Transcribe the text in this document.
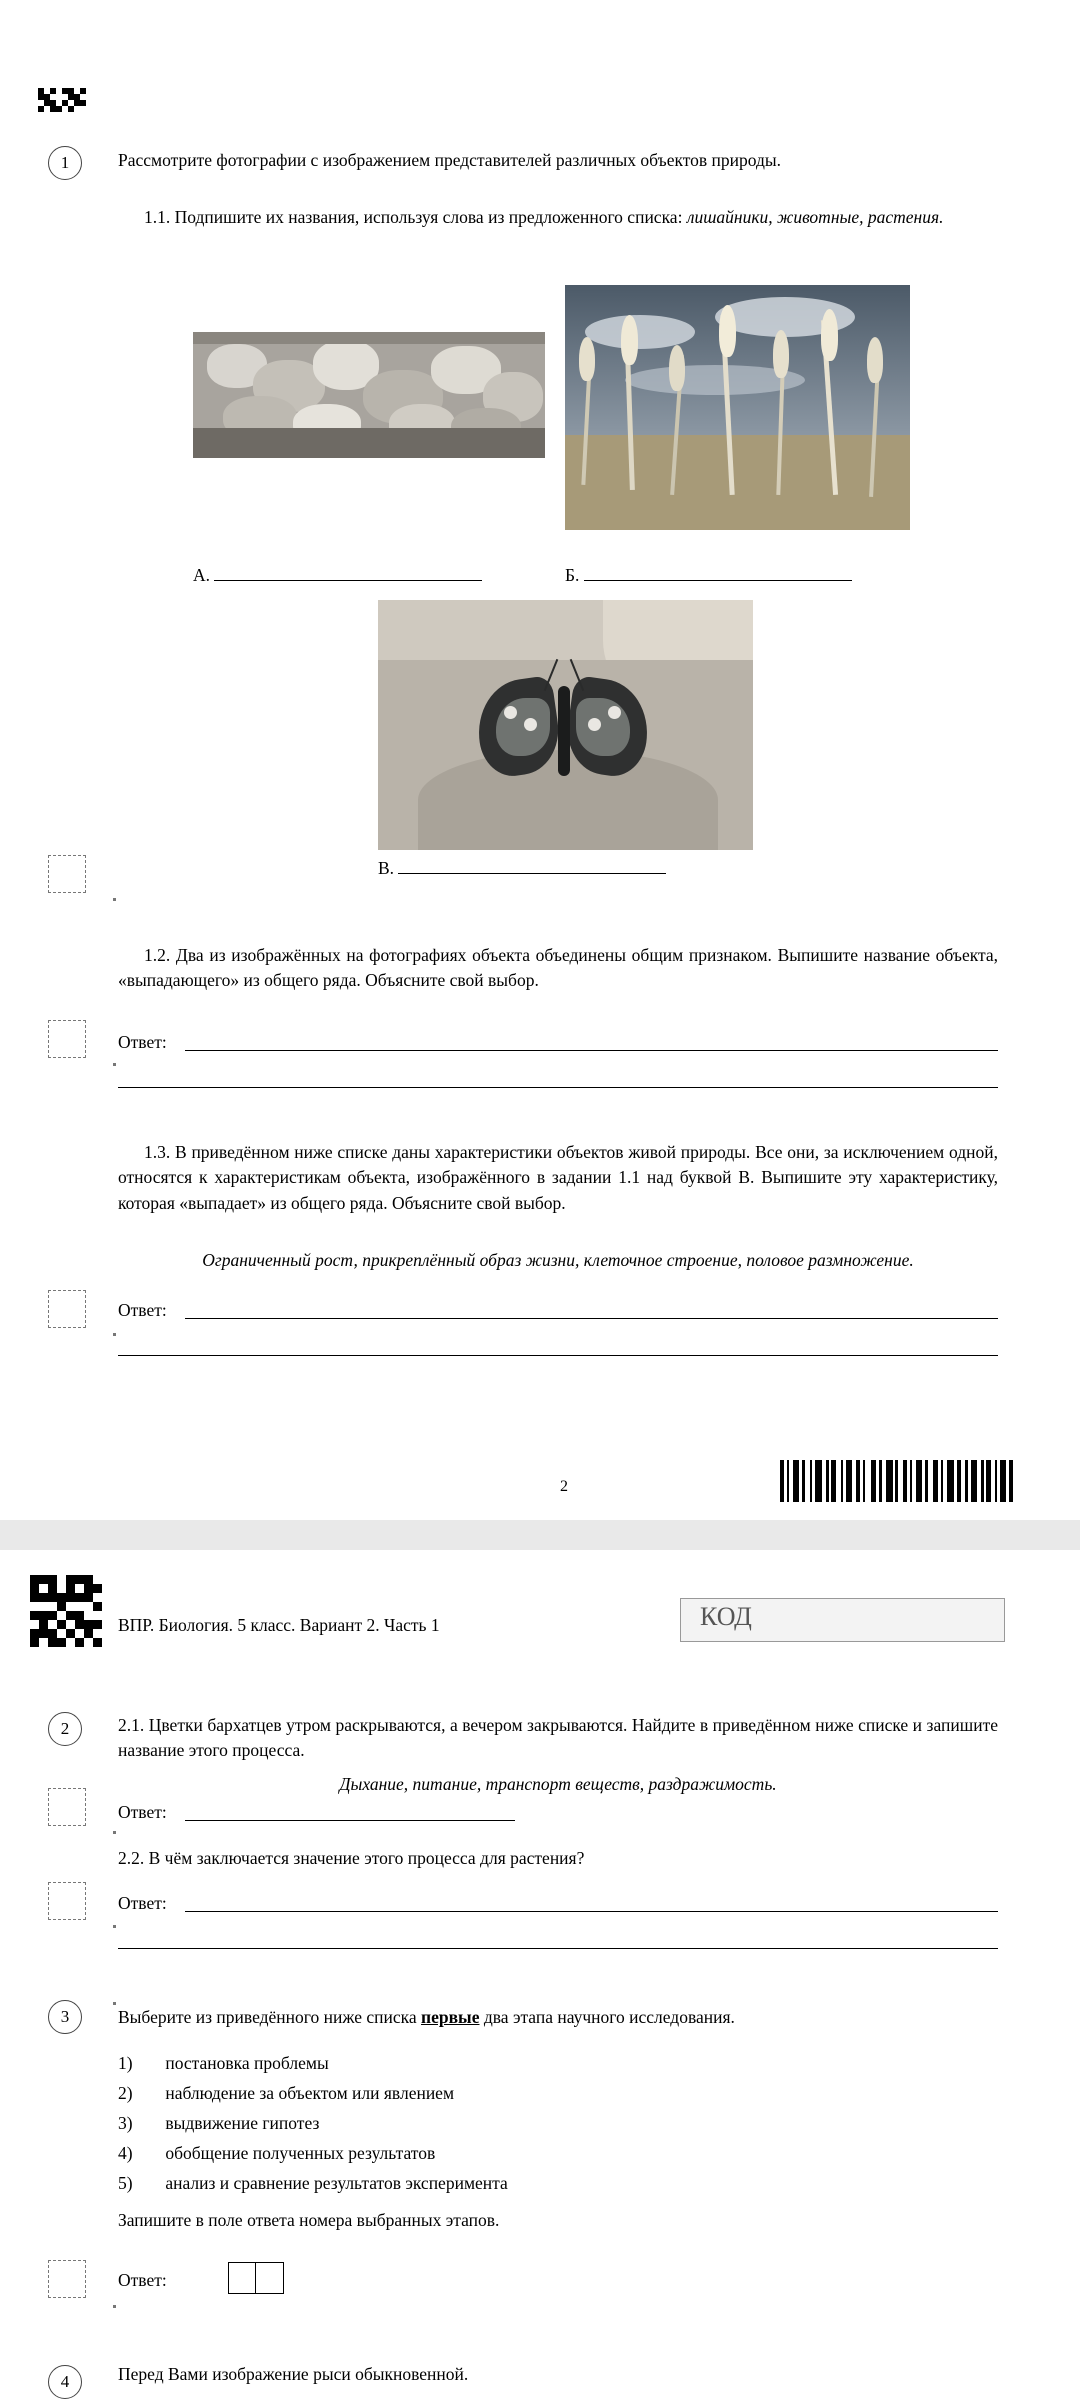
1	Рассмотрите фотографии с изображением представителей различных объектов природы.
1.1. Подпишите их названия, используя слова из предложенного списка: лишайники, животные, растения.
А.	Б.
В.
1.2. Два из изображённых на фотографиях объекта объединены общим признаком. Выпишите название объекта, «выпадающего» из общего ряда. Объясните свой выбор.
Ответ:
1.3. В приведённом ниже списке даны характеристики объектов живой природы. Все они, за исключением одной, относятся к характеристикам объекта, изображённого в задании 1.1 над буквой В. Выпишите эту характеристику, которая «выпадает» из общего ряда. Объясните свой выбор.
Ограниченный рост, прикреплённый образ жизни, клеточное строение, половое размножение.
Ответ:
2
ВПР. Биология. 5 класс. Вариант 2. Часть 1	КОД
2	2.1. Цветки бархатцев утром раскрываются, а вечером закрываются. Найдите в приведённом ниже списке и запишите название этого процесса.
Дыхание, питание, транспорт веществ, раздражимость.
Ответ:
2.2. В чём заключается значение этого процесса для растения?
Ответ:
3	Выберите из приведённого ниже списка первые два этапа научного исследования.
1) постановка проблемы
2) наблюдение за объектом или явлением
3) выдвижение гипотез
4) обобщение полученных результатов
5) анализ и сравнение результатов эксперимента
Запишите в поле ответа номера выбранных этапов.
Ответ:
4	Перед Вами изображение рыси обыкновенной.
